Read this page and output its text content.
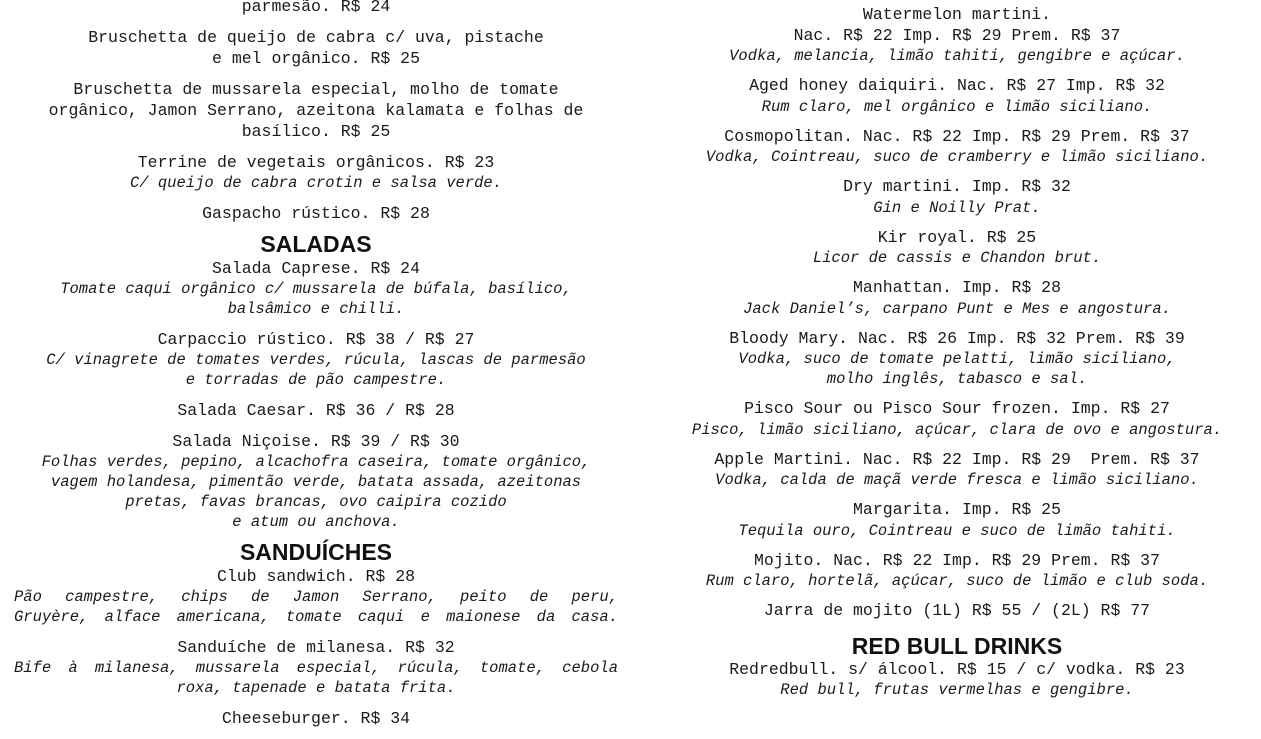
parmesão. R$ 24
Bruschetta de queijo de cabra c/ uva, pistache
e mel orgânico. R$ 25
Bruschetta de mussarela especial, molho de tomate
orgânico, Jamon Serrano, azeitona kalamata e folhas de
basílico. R$ 25
Terrine de vegetais orgânicos. R$ 23
C/ queijo de cabra crotin e salsa verde.
Gaspacho rústico. R$ 28
SALADAS
Salada Caprese. R$ 24
Tomate caqui orgânico c/ mussarela de búfala, basílico,
balsâmico e chilli.
Carpaccio rústico. R$ 38 / R$ 27
C/ vinagrete de tomates verdes, rúcula, lascas de parmesão
e torradas de pão campestre.
Salada Caesar. R$ 36 / R$ 28
Salada Niçoise. R$ 39 / R$ 30
Folhas verdes, pepino, alcachofra caseira, tomate orgânico,
vagem holandesa, pimentão verde, batata assada, azeitonas
pretas, favas brancas, ovo caipira cozido
e atum ou anchova.
SANDUÍCHES
Club sandwich. R$ 28
Pão campestre, chips de Jamon Serrano, peito de peru,
Gruyère, alface americana, tomate caqui e maionese da casa.
Sanduíche de milanesa. R$ 32
Bife à milanesa, mussarela especial, rúcula, tomate, cebola
roxa, tapenade e batata frita.
Cheeseburger. R$ 34
Watermelon martini.
Nac. R$ 22 Imp. R$ 29 Prem. R$ 37
Vodka, melancia, limão tahiti, gengibre e açúcar.
Aged honey daiquiri. Nac. R$ 27 Imp. R$ 32
Rum claro, mel orgânico e limão siciliano.
Cosmopolitan. Nac. R$ 22 Imp. R$ 29 Prem. R$ 37
Vodka, Cointreau, suco de cramberry e limão siciliano.
Dry martini. Imp. R$ 32
Gin e Noilly Prat.
Kir royal. R$ 25
Licor de cassis e Chandon brut.
Manhattan. Imp. R$ 28
Jack Daniel’s, carpano Punt e Mes e angostura.
Bloody Mary. Nac. R$ 26 Imp. R$ 32 Prem. R$ 39
Vodka, suco de tomate pelatti, limão siciliano,
molho inglês, tabasco e sal.
Pisco Sour ou Pisco Sour frozen. Imp. R$ 27
Pisco, limão siciliano, açúcar, clara de ovo e angostura.
Apple Martini. Nac. R$ 22 Imp. R$ 29  Prem. R$ 37
Vodka, calda de maçã verde fresca e limão siciliano.
Margarita. Imp. R$ 25
Tequila ouro, Cointreau e suco de limão tahiti.
Mojito. Nac. R$ 22 Imp. R$ 29 Prem. R$ 37
Rum claro, hortelã, açúcar, suco de limão e club soda.
Jarra de mojito (1L) R$ 55 / (2L) R$ 77
RED BULL DRINKS
Redredbull. s/ álcool. R$ 15 / c/ vodka. R$ 23
Red bull, frutas vermelhas e gengibre.
